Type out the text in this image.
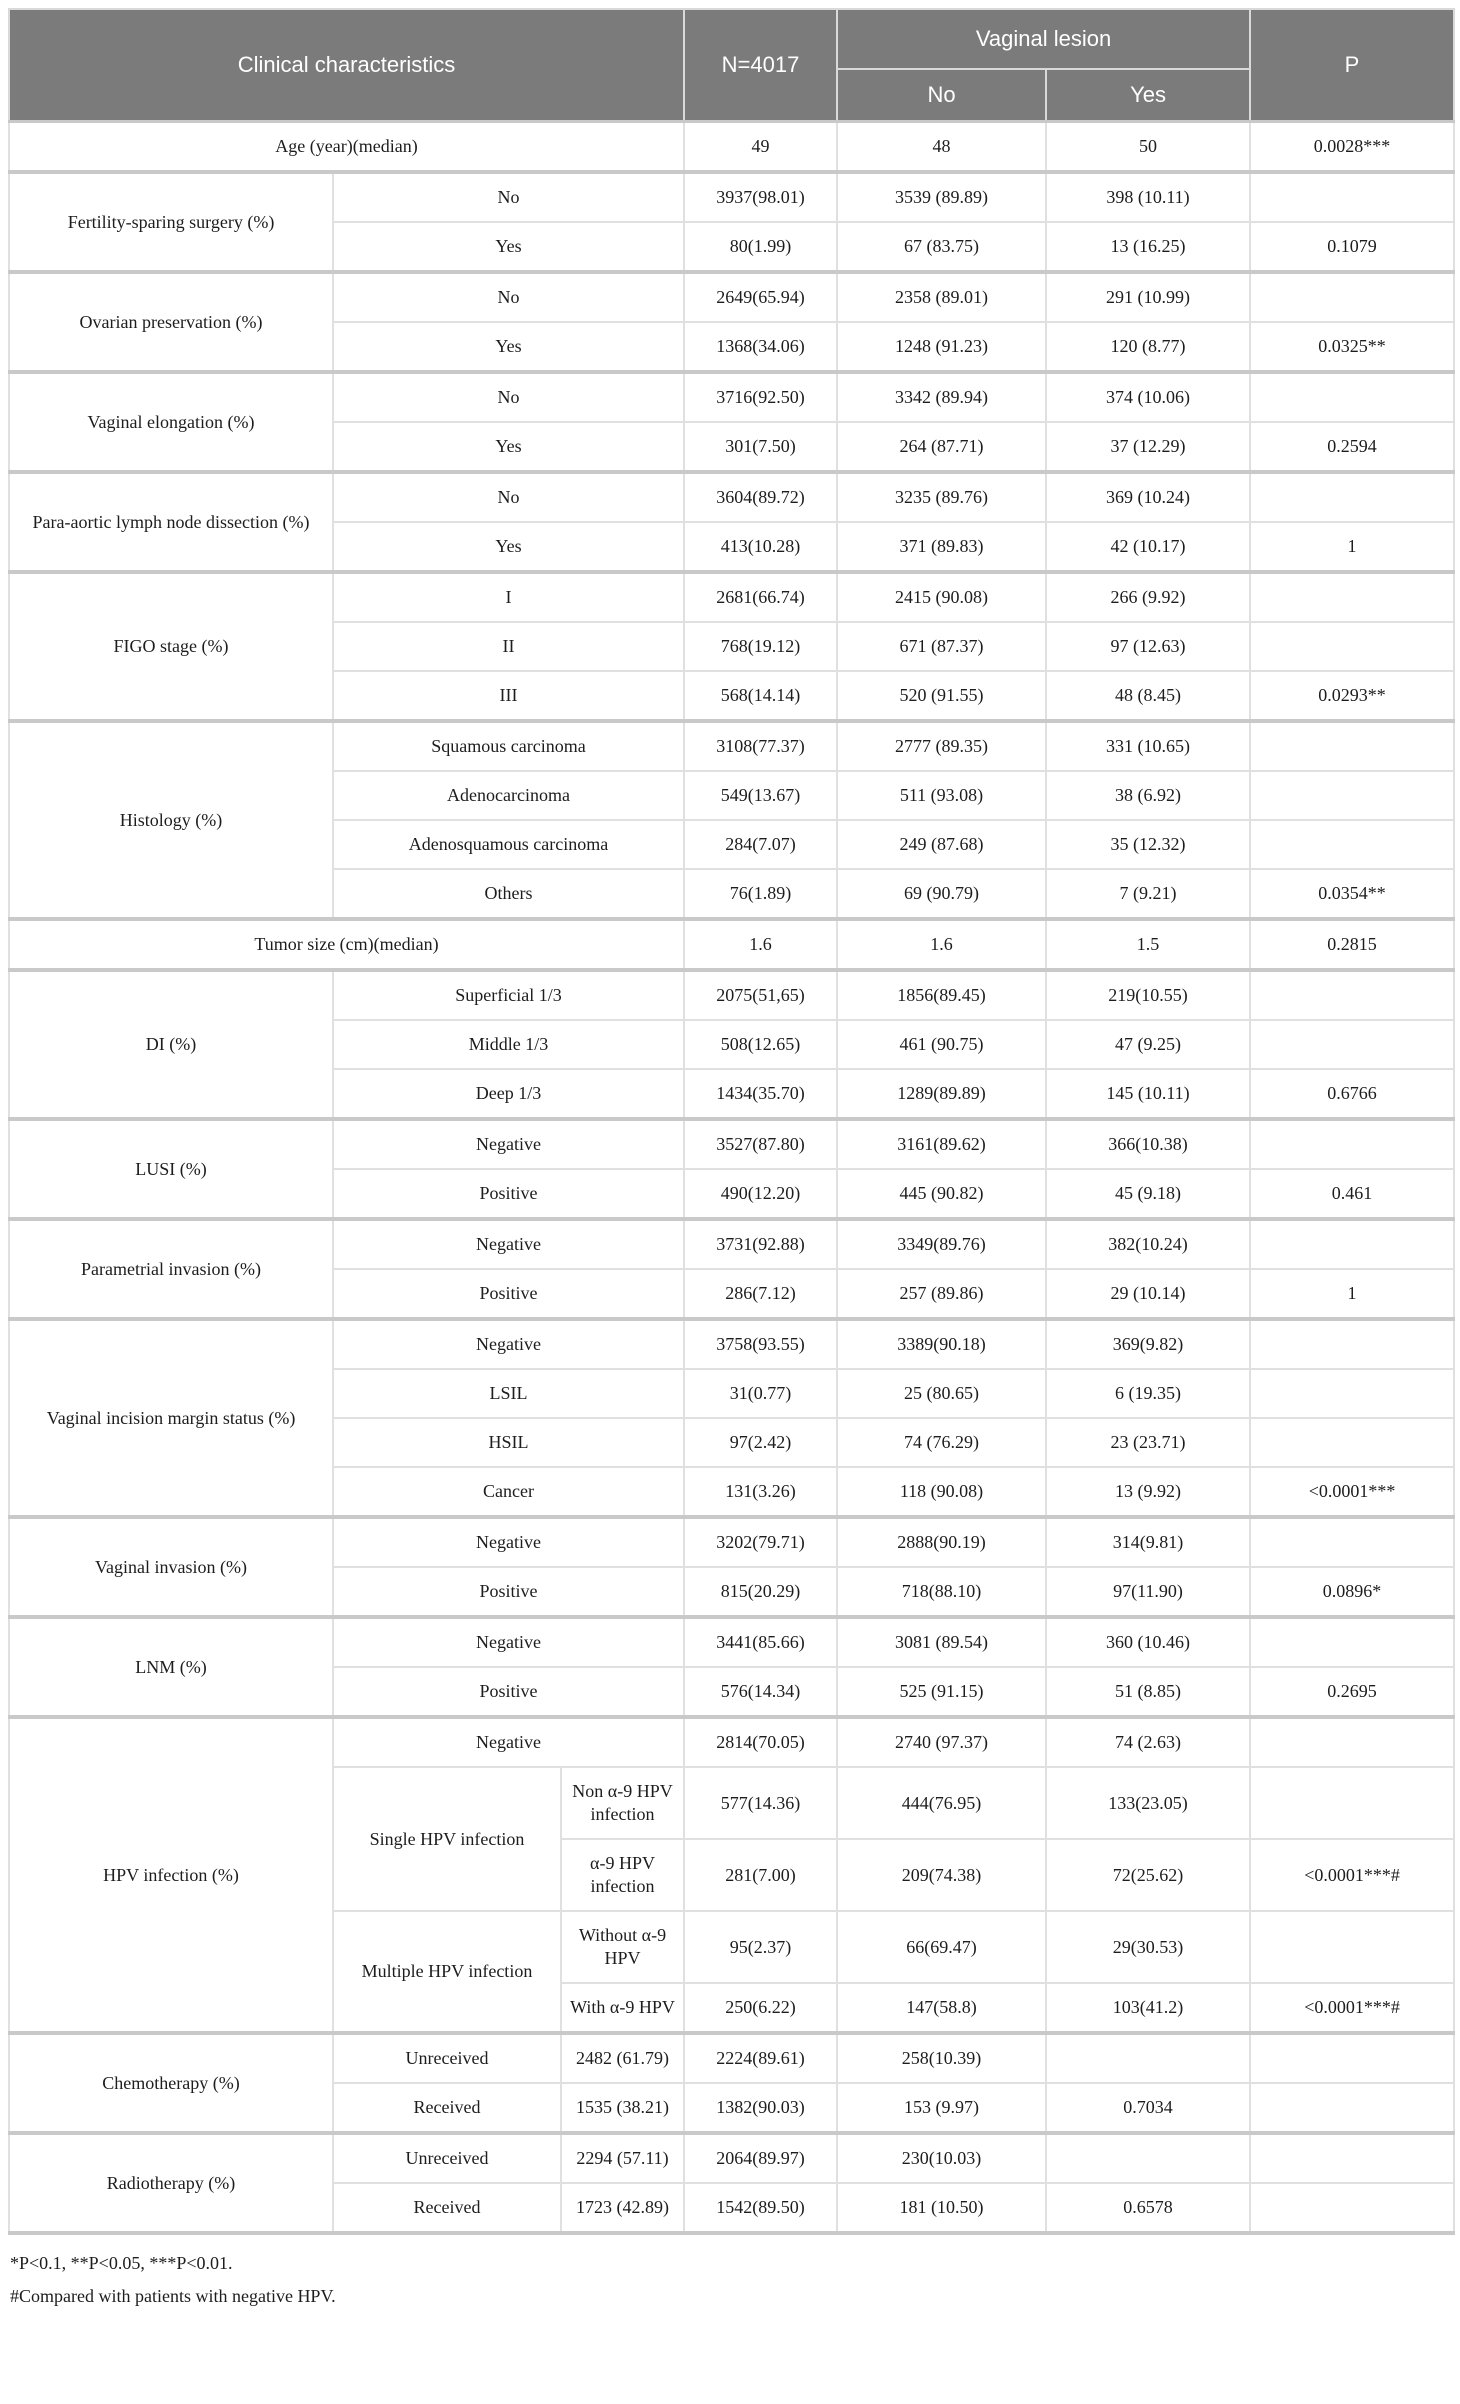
Clinical characteristics			N=4017	Vaginal lesion		P
				No	Yes	
Age (year)(median)			49	48	50	0.0028***
Fertility-sparing surgery (%)	No		3937(98.01)	3539 (89.89)	398 (10.11)	
	Yes		80(1.99)	67 (83.75)	13 (16.25)	0.1079
Ovarian preservation (%)	No		2649(65.94)	2358 (89.01)	291 (10.99)	
	Yes		1368(34.06)	1248 (91.23)	120 (8.77)	0.0325**
Vaginal elongation (%)	No		3716(92.50)	3342 (89.94)	374 (10.06)	
	Yes		301(7.50)	264 (87.71)	37 (12.29)	0.2594
Para-aortic lymph node dissection (%)	No		3604(89.72)	3235 (89.76)	369 (10.24)	
	Yes		413(10.28)	371 (89.83)	42 (10.17)	1
FIGO stage (%)	I		2681(66.74)	2415 (90.08)	266 (9.92)	
	II		768(19.12)	671 (87.37)	97 (12.63)	
	III		568(14.14)	520 (91.55)	48 (8.45)	0.0293**
Histology (%)	Squamous carcinoma		3108(77.37)	2777 (89.35)	331 (10.65)	
	Adenocarcinoma		549(13.67)	511 (93.08)	38 (6.92)	
	Adenosquamous carcinoma		284(7.07)	249 (87.68)	35 (12.32)	
	Others		76(1.89)	69 (90.79)	7 (9.21)	0.0354**
Tumor size (cm)(median)			1.6	1.6	1.5	0.2815
DI (%)	Superficial 1/3		2075(51,65)	1856(89.45)	219(10.55)	
	Middle 1/3		508(12.65)	461 (90.75)	47 (9.25)	
	Deep 1/3		1434(35.70)	1289(89.89)	145 (10.11)	0.6766
LUSI (%)	Negative		3527(87.80)	3161(89.62)	366(10.38)	
	Positive		490(12.20)	445 (90.82)	45 (9.18)	0.461
Parametrial invasion (%)	Negative		3731(92.88)	3349(89.76)	382(10.24)	
	Positive		286(7.12)	257 (89.86)	29 (10.14)	1
Vaginal incision margin status (%)	Negative		3758(93.55)	3389(90.18)	369(9.82)	
	LSIL		31(0.77)	25 (80.65)	6 (19.35)	
	HSIL		97(2.42)	74 (76.29)	23 (23.71)	
	Cancer		131(3.26)	118 (90.08)	13 (9.92)	<0.0001***
Vaginal invasion (%)	Negative		3202(79.71)	2888(90.19)	314(9.81)	
	Positive		815(20.29)	718(88.10)	97(11.90)	0.0896*
LNM (%)	Negative		3441(85.66)	3081 (89.54)	360 (10.46)	
	Positive		576(14.34)	525 (91.15)	51 (8.85)	0.2695
HPV infection (%)	Negative		2814(70.05)	2740 (97.37)	74 (2.63)	
	Single HPV infection	Non α-9 HPV infection	577(14.36)	444(76.95)	133(23.05)	
		α-9 HPV infection	281(7.00)	209(74.38)	72(25.62)	<0.0001***#
	Multiple HPV infection	Without α-9 HPV	95(2.37)	66(69.47)	29(30.53)	
		With α-9 HPV	250(6.22)	147(58.8)	103(41.2)	<0.0001***#
Chemotherapy (%)	Unreceived	2482 (61.79)	2224(89.61)	258(10.39)		
	Received	1535 (38.21)	1382(90.03)	153 (9.97)	0.7034	
Radiotherapy (%)	Unreceived	2294 (57.11)	2064(89.97)	230(10.03)		
	Received	1723 (42.89)	1542(89.50)	181 (10.50)	0.6578	

*P<0.1, **P<0.05, ***P<0.01.

#Compared with patients with negative HPV.
